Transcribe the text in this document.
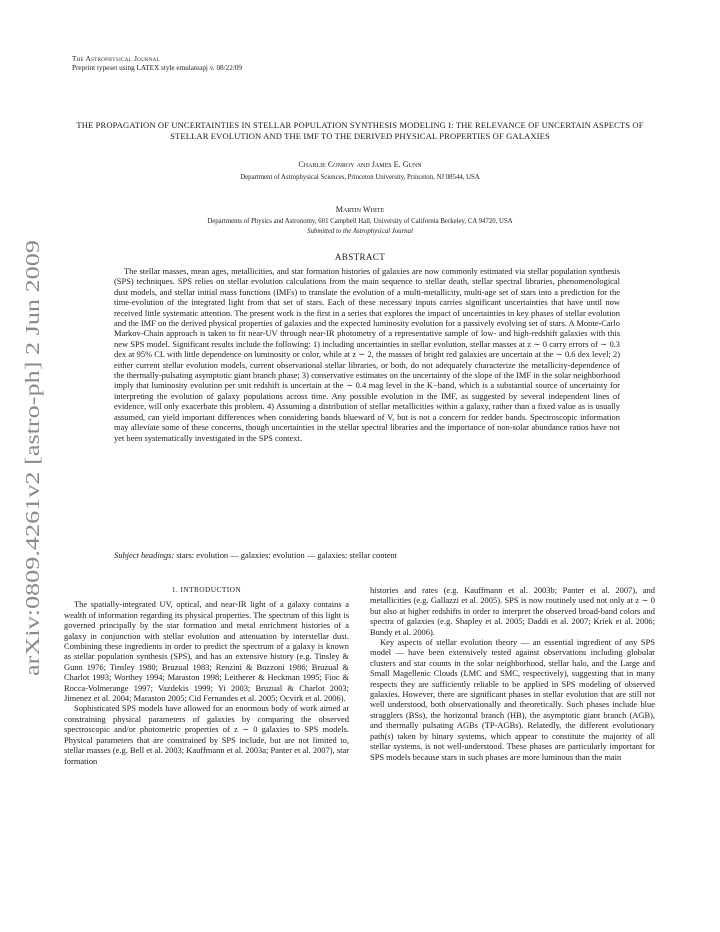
arXiv:0809.4261v2 [astro-ph] 2 Jun 2009
The Astrophysical Journal
Preprint typeset using LATEX style emulateapj v. 08/22/09
THE PROPAGATION OF UNCERTAINTIES IN STELLAR POPULATION SYNTHESIS MODELING I: THE RELEVANCE OF UNCERTAIN ASPECTS OF STELLAR EVOLUTION AND THE IMF TO THE DERIVED PHYSICAL PROPERTIES OF GALAXIES
Charlie Conroy and James E. Gunn
Department of Astrophysical Sciences, Princeton University, Princeton, NJ 08544, USA
Martin White
Departments of Physics and Astronomy, 601 Campbell Hall, University of California Berkeley, CA 94720, USA
Submitted to the Astrophysical Journal
ABSTRACT

The stellar masses, mean ages, metallicities, and star formation histories of galaxies are now commonly estimated via stellar population synthesis (SPS) techniques. SPS relies on stellar evolution calculations from the main sequence to stellar death, stellar spectral libraries, phenomenological dust models, and stellar initial mass functions (IMFs) to translate the evolution of a multi-metallicity, multi-age set of stars into a prediction for the time-evolution of the integrated light from that set of stars. Each of these necessary inputs carries significant uncertainties that have until now received little systematic attention. The present work is the first in a series that explores the impact of uncertainties in key phases of stellar evolution and the IMF on the derived physical properties of galaxies and the expected luminosity evolution for a passively evolving set of stars. A Monte-Carlo Markov-Chain approach is taken to fit near-UV through near-IR photometry of a representative sample of low- and high-redshift galaxies with this new SPS model. Significant results include the following: 1) including uncertainties in stellar evolution, stellar masses at z ∼ 0 carry errors of ∼ 0.3 dex at 95% CL with little dependence on luminosity or color, while at z ∼ 2, the masses of bright red galaxies are uncertain at the ∼ 0.6 dex level; 2) either current stellar evolution models, current observational stellar libraries, or both, do not adequately characterize the metallicity-dependence of the thermally-pulsating asymptotic giant branch phase; 3) conservative estimates on the uncertainty of the slope of the IMF in the solar neighborhood imply that luminosity evolution per unit redshift is uncertain at the ∼ 0.4 mag level in the K−band, which is a substantial source of uncertainty for interpreting the evolution of galaxy populations across time. Any possible evolution in the IMF, as suggested by several independent lines of evidence, will only exacerbate this problem. 4) Assuming a distribution of stellar metallicities within a galaxy, rather than a fixed value as is usually assumed, can yield important differences when considering bands blueward of V, but is not a concern for redder bands. Spectroscopic information may alleviate some of these concerns, though uncertainties in the stellar spectral libraries and the importance of non-solar abundance ratios have not yet been systematically investigated in the SPS context.

Subject headings: stars: evolution — galaxies: evolution — galaxies: stellar content
1. INTRODUCTION

The spatially-integrated UV, optical, and near-IR light of a galaxy contains a wealth of information regarding its physical properties. The spectrum of this light is governed principally by the star formation and metal enrichment histories of a galaxy in conjunction with stellar evolution and attenuation by interstellar dust. Combining these ingredients in order to predict the spectrum of a galaxy is known as stellar population synthesis (SPS), and has an extensive history (e.g. Tinsley & Gunn 1976; Tinsley 1980; Bruzual 1983; Renzini & Buzzoni 1986; Bruzual & Charlot 1993; Worthey 1994; Maraston 1998; Leitherer & Heckman 1995; Fioc & Rocca-Volmerange 1997; Vazdekis 1999; Yi 2003; Bruzual & Charlot 2003; Jimenez et al. 2004; Maraston 2005; Cid Fernandes et al. 2005; Ocvirk et al. 2006).

Sophisticated SPS models have allowed for an enormous body of work aimed at constraining physical parameters of galaxies by comparing the observed spectroscopic and/or photometric properties of z ∼ 0 galaxies to SPS models. Physical parameters that are constrained by SPS include, but are not limited to, stellar masses (e.g. Bell et al. 2003; Kauffmann et al. 2003a; Panter et al. 2007), star formation

histories and rates (e.g. Kauffmann et al. 2003b; Panter et al. 2007), and metallicities (e.g. Gallazzi et al. 2005). SPS is now routinely used not only at z ∼ 0 but also at higher redshifts in order to interpret the observed broad-band colors and spectra of galaxies (e.g. Shapley et al. 2005; Daddi et al. 2007; Kriek et al. 2006; Bundy et al. 2006).

Key aspects of stellar evolution theory — an essential ingredient of any SPS model — have been extensively tested against observations including globular clusters and star counts in the solar neighborhood, stellar halo, and the Large and Small Magellenic Clouds (LMC and SMC, respectively), suggesting that in many respects they are sufficiently reliable to be applied in SPS modeling of observed galaxies. However, there are significant phases in stellar evolution that are still not well understood, both observationally and theoretically. Such phases include blue stragglers (BSs), the horizontal branch (HB), the asymptotic giant branch (AGB), and thermally pulsating AGBs (TP-AGBs). Relatedly, the different evolutionary path(s) taken by binary systems, which appear to constitute the majority of all stellar systems, is not well-understood. These phases are particularly important for SPS models because stars in such phases are more luminous than the main
